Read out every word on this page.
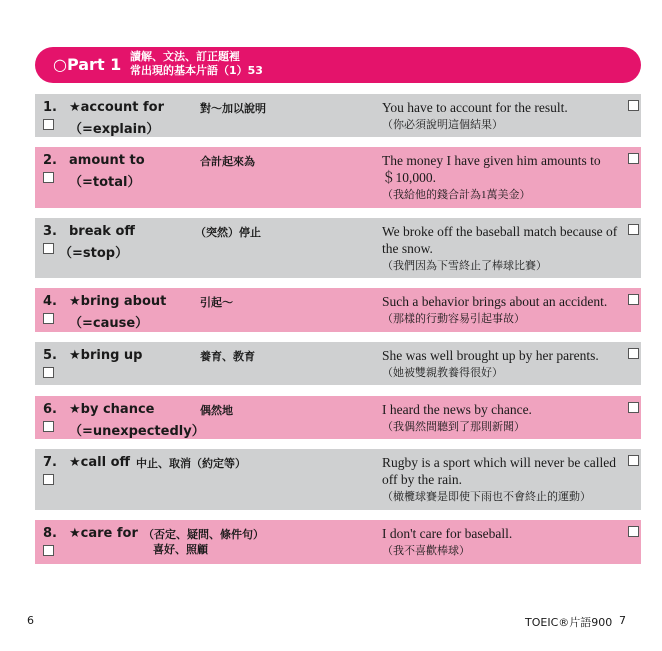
○Part 1 讀解、文法、訂正題裡
常出現的基本片語（1）53
1. ★account for
（=explain）
對～加以說明	You have to account for the result.
（你必須說明這個結果）
2. amount to
（=total）
合計起來為	The money I have given him amounts to ＄10,000.
（我給他的錢合計為1萬美金）
3. break off
（=stop）
（突然）停止	We broke off the baseball match because of the snow.
（我們因為下雪終止了棒球比賽）
4. ★bring about
（=cause）
引起～	Such a behavior brings about an accident.
（那樣的行動容易引起事故）
5. ★bring up	養育、教育	She was well brought up by her parents.
（她被雙親教養得很好）
6. ★by chance
（=unexpectedly）
偶然地	I heard the news by chance.
（我偶然間聽到了那則新聞）
7. ★call off 中止、取消（約定等）	Rugby is a sport which will never be called off by the rain.
（橄欖球賽是即使下雨也不會終止的運動）
8. ★care for （否定、疑問、條件句）
喜好、照顧
I don't care for baseball.
（我不喜歡棒球）
6	TOEIC®片語900 7
